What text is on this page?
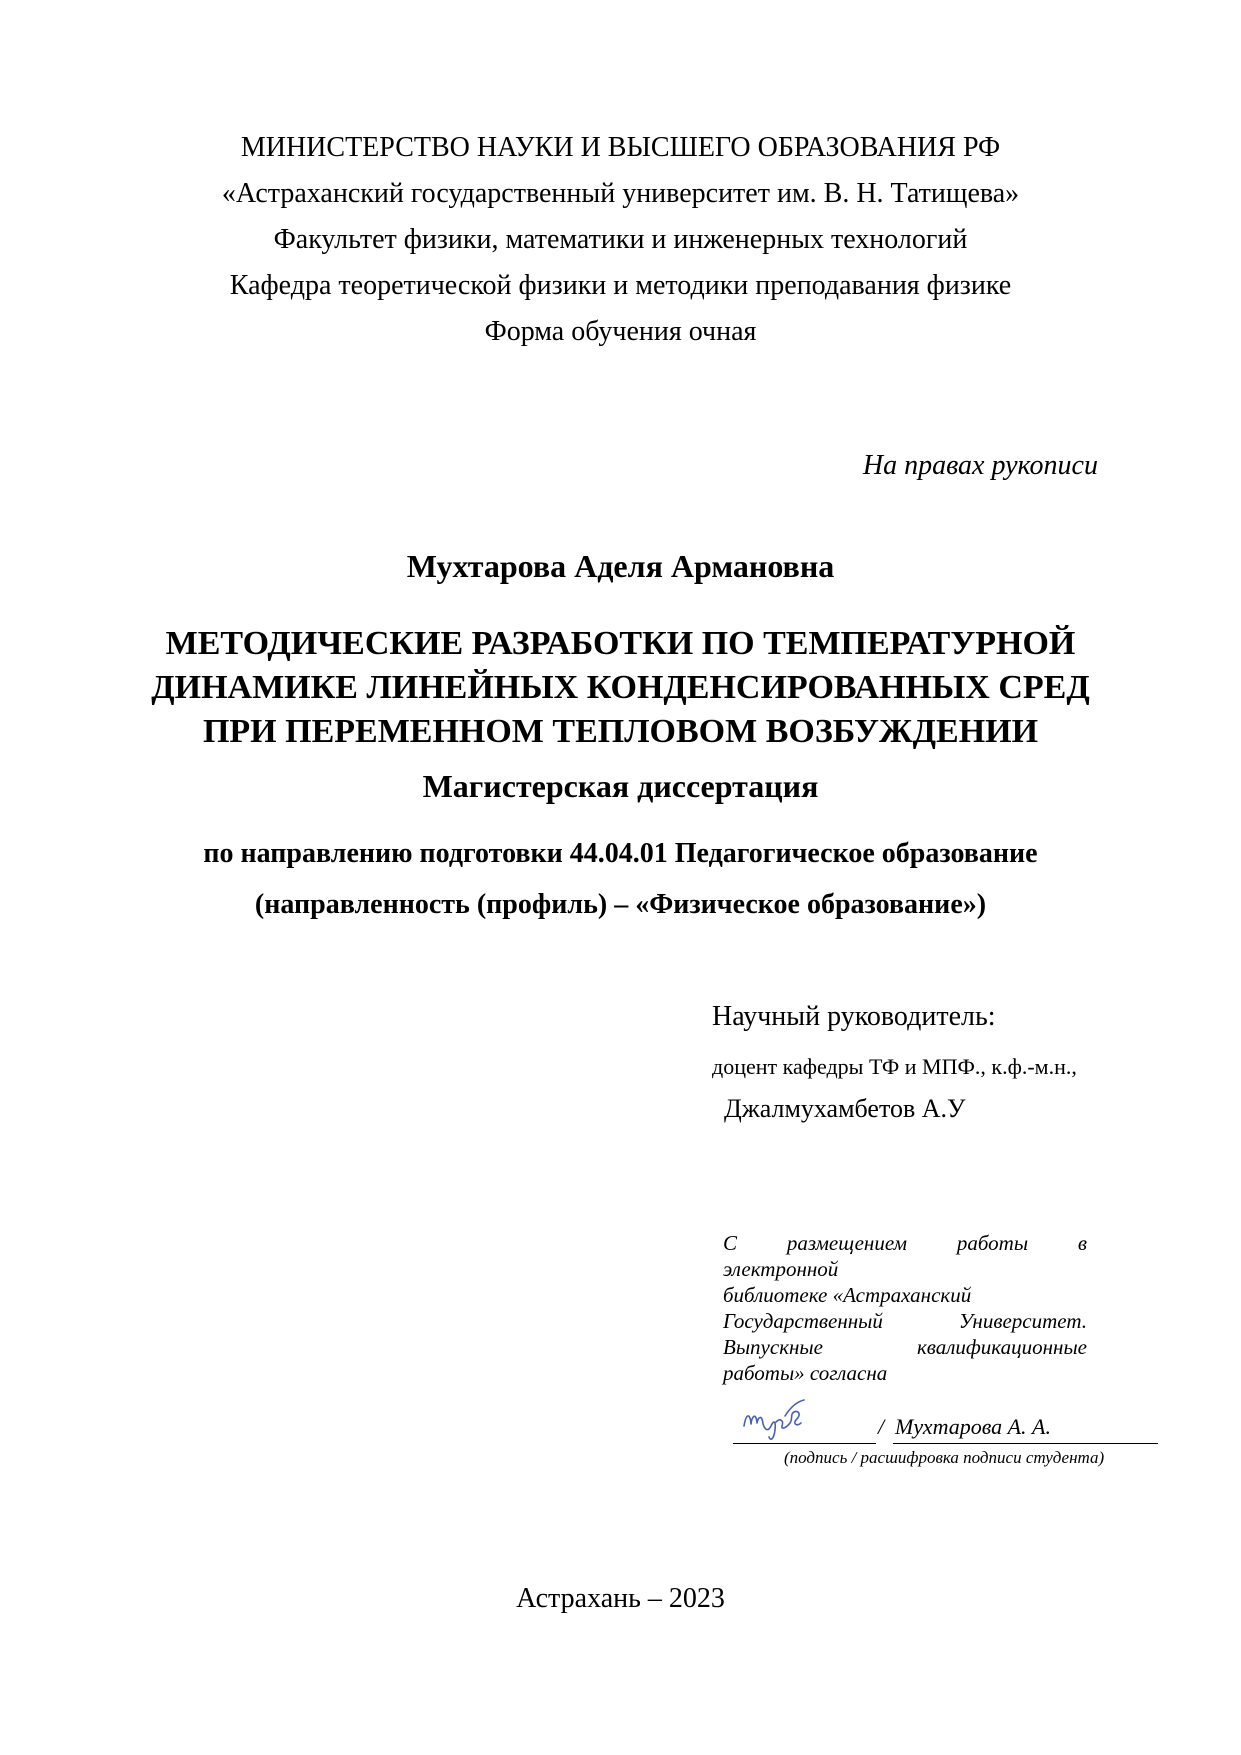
МИНИСТЕРСТВО НАУКИ И ВЫСШЕГО ОБРАЗОВАНИЯ РФ
«Астраханский государственный университет им. В. Н. Татищева»
Факультет физики, математики и инженерных технологий
Кафедра теоретической физики и методики преподавания физике
Форма обучения очная
На правах рукописи
Мухтарова Аделя Армановна
МЕТОДИЧЕСКИЕ РАЗРАБОТКИ ПО ТЕМПЕРАТУРНОЙ
ДИНАМИКЕ ЛИНЕЙНЫХ КОНДЕНСИРОВАННЫХ СРЕД
ПРИ ПЕРЕМЕННОМ ТЕПЛОВОМ ВОЗБУЖДЕНИИ
Магистерская диссертация
по направлению подготовки 44.04.01 Педагогическое образование
(направленность (профиль) – «Физическое образование»)
Научный руководитель:
доцент кафедры ТФ и МПФ., к.ф.-м.н.,
Джалмухамбетов А.У
С размещением работы в
электронной
библиотеке «Астраханский
Государственный Университет.
Выпускные квалификационные
работы» согласна
/ Мухтарова А. А.
(подпись / расшифровка подписи студента)
Астрахань – 2023
